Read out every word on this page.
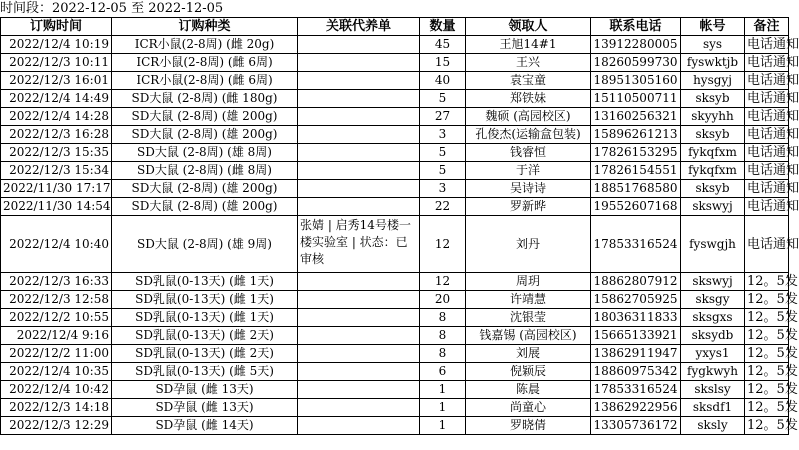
时间段：2022-12-05 至 2022-12-05
订购时间	订购种类	关联代养单	数量	领取人	联系电话	帐号	备注
2022/12/4 10:19	ICR小鼠(2-8周) (雌 20g)		45	王旭14#1	13912280005	sys	电话通知
2022/12/3 10:11	ICR小鼠(2-8周) (雌 6周)		15	王兴	18260599730	fyswktjb	电话通知
2022/12/3 16:01	ICR小鼠(2-8周) (雌 6周)		40	袁宝童	18951305160	hysgyj	电话通知
2022/12/4 14:49	SD大鼠 (2-8周) (雌 180g)		5	郑铁妹	15110500711	sksyb	电话通知
2022/12/4 14:28	SD大鼠 (2-8周) (雄 200g)		27	魏硕 (高园校区)	13160256321	skyyhh	电话通知
2022/12/3 16:28	SD大鼠 (2-8周) (雄 200g)		3	孔俊杰(运输盒包装)	15896261213	sksyb	电话通知
2022/12/3 15:35	SD大鼠 (2-8周) (雄 8周)		5	钱睿恒	17826153295	fykqfxm	电话通知
2022/12/3 15:34	SD大鼠 (2-8周) (雌 8周)		5	于洋	17826154551	fykqfxm	电话通知
2022/11/30 17:17	SD大鼠 (2-8周) (雄 200g)		3	吴诗诗	18851768580	sksyb	电话通知
2022/11/30 14:54	SD大鼠 (2-8周) (雄 200g)		22	罗新晔	19552607168	skswyj	电话通知
2022/12/4 10:40	SD大鼠 (2-8周) (雄 9周)	张婧 | 启秀14号楼一楼实验室 | 状态：已审核	12	刘丹	17853316524	fyswgjh	电话通知
2022/12/3 16:33	SD乳鼠(0-13天) (雌 1天)		12	周玥	18862807912	skswyj	12。5发
2022/12/3 12:58	SD乳鼠(0-13天) (雌 1天)		20	许靖慧	15862705925	sksgy	12。5发
2022/12/2 10:55	SD乳鼠(0-13天) (雌 1天)		8	沈银莹	18036311833	sksgxs	12。5发
2022/12/4 9:16	SD乳鼠(0-13天) (雌 2天)		8	钱嘉锡 (高园校区)	15665133921	sksydb	12。5发
2022/12/2 11:00	SD乳鼠(0-13天) (雌 2天)		8	刘展	13862911947	yxys1	12。5发
2022/12/4 10:35	SD乳鼠(0-13天) (雌 5天)		6	倪颖辰	18860975342	fygkwyh	12。5发
2022/12/4 10:42	SD孕鼠 (雌 13天)		1	陈晨	17853316524	skslsy	12。5发
2022/12/3 14:18	SD孕鼠 (雌 13天)		1	尚童心	13862922956	sksdf1	12。5发
2022/12/3 12:29	SD孕鼠 (雌 14天)		1	罗晓倩	13305736172	sksly	12。5发
